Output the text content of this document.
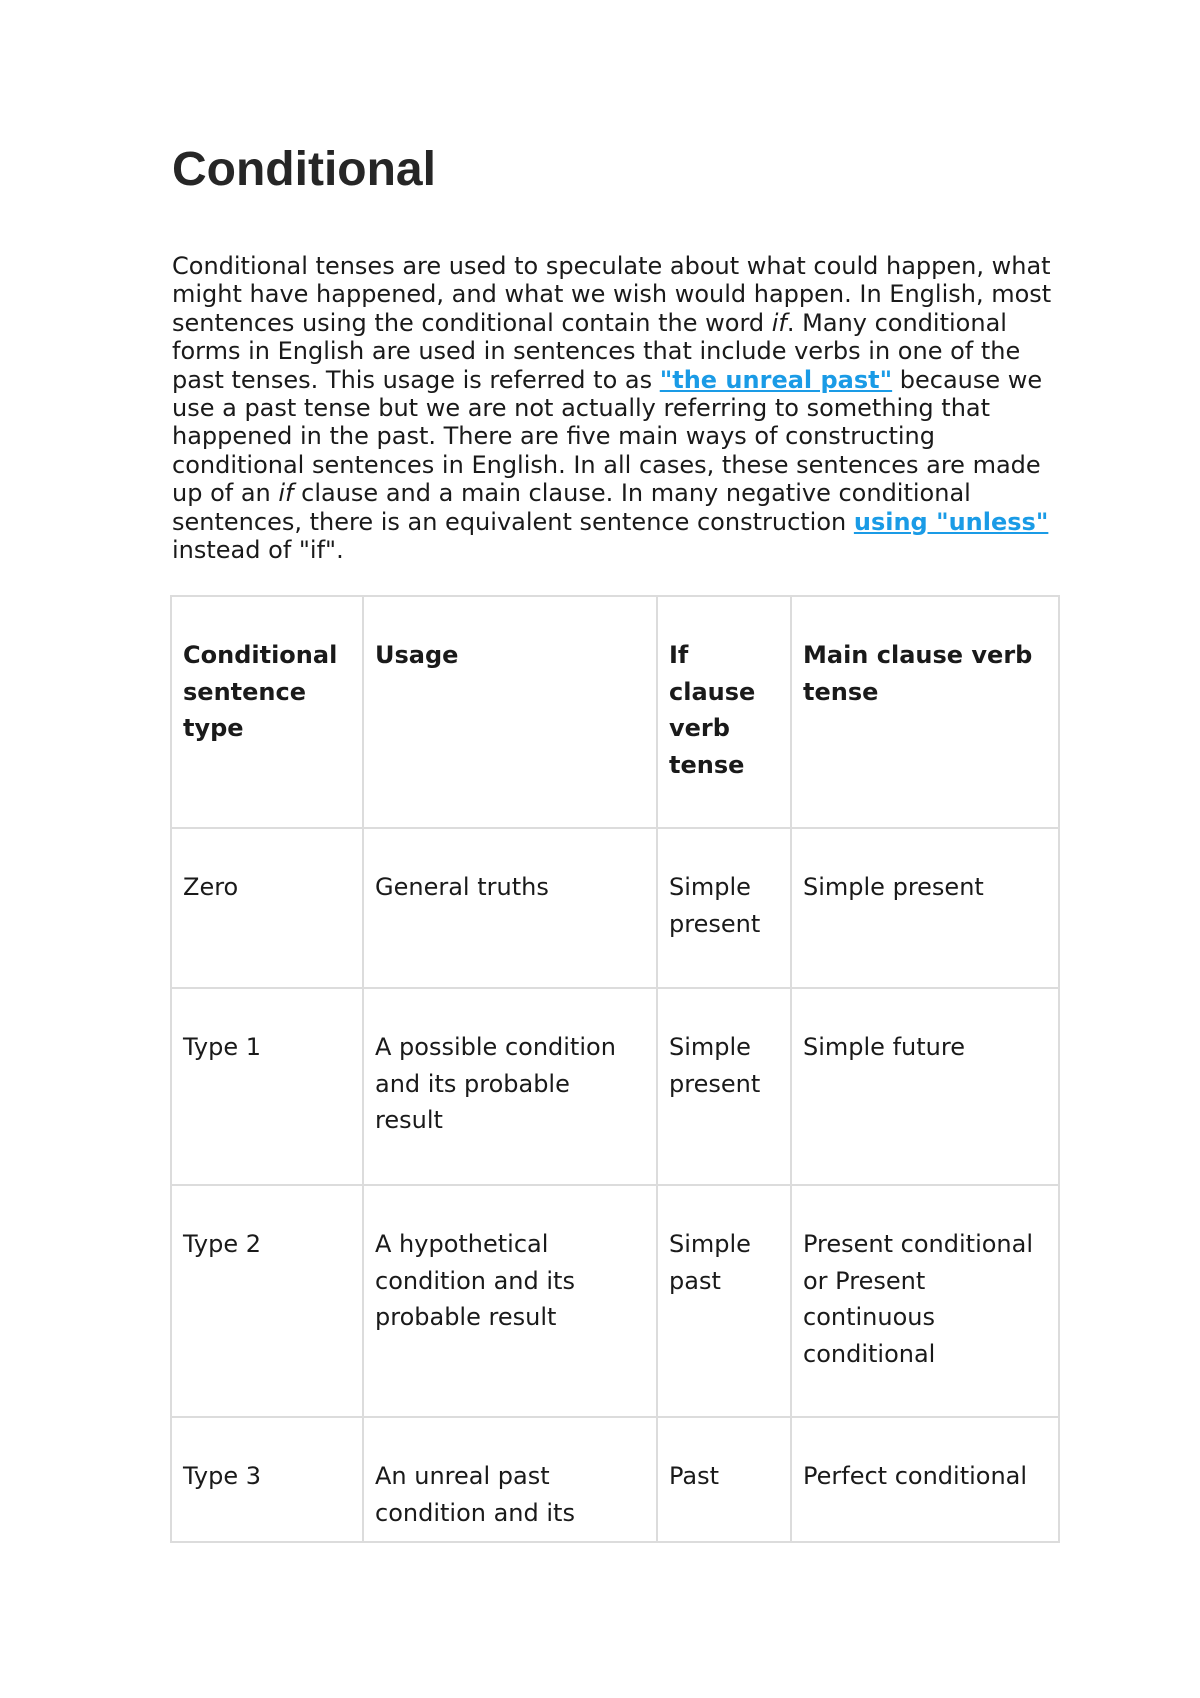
Conditional

Conditional tenses are used to speculate about what could happen, what might have happened, and what we wish would happen. In English, most sentences using the conditional contain the word if. Many conditional forms in English are used in sentences that include verbs in one of the past tenses. This usage is referred to as "the unreal past" because we use a past tense but we are not actually referring to something that happened in the past. There are five main ways of constructing conditional sentences in English. In all cases, these sentences are made up of an if clause and a main clause. In many negative conditional sentences, there is an equivalent sentence construction using "unless" instead of "if".

Conditional sentence type	Usage	If clause verb tense	Main clause verb tense
Zero	General truths	Simple present	Simple present
Type 1	A possible condition and its probable result	Simple present	Simple future
Type 2	A hypothetical condition and its probable result	Simple past	Present conditional or Present continuous conditional
Type 3	An unreal past condition and its	Past	Perfect conditional
